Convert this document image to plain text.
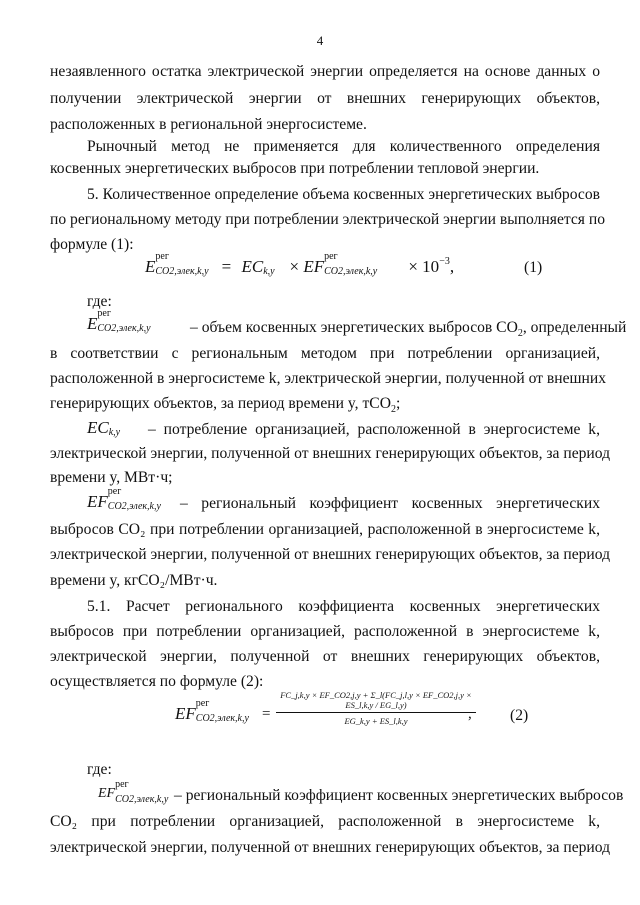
4
незаявленного остатка электрической энергии определяется на основе данных о
получении электрической энергии от внешних генерирующих объектов,
расположенных в региональной энергосистеме.
Рыночный метод не применяется для количественного определения
косвенных энергетических выбросов при потреблении тепловой энергии.
5. Количественное определение объема косвенных энергетических выбросов
по региональному методу при потреблении электрической энергии выполняется по
формуле (1):
E
рег
CO2,элек,k,y = EC k,y × EF
рег
CO2,элек,k,y × $10^{-3}$,	(1)
где:
E
рег
CO2,элек,k,y	– объем косвенных энергетических выбросов $CO_2$, определенный
в соответствии с региональным методом при потреблении организацией,
расположенной в энергосистеме k, электрической энергии, полученной от внешних
генерирующих объектов, за период времени y, тCO$_2$;
EC k,y – потребление организацией, расположенной в энергосистеме k,
электрической энергии, полученной от внешних генерирующих объектов, за период
времени y, МВт·ч;
EF
рег
CO2,элек,k,y – региональный коэффициент косвенных энергетических
выбросов CO₂ при потреблении организацией, расположенной в энергосистеме k,
электрической энергии, полученной от внешних генерирующих объектов, за период
времени y, кгCO₂/МВт·ч.
5.1. Расчет регионального коэффициента косвенных энергетических
выбросов при потреблении организацией, расположенной в энергосистеме k,
электрической энергии, полученной от внешних генерирующих объектов,
осуществляется по формуле (2):
EF
рег
CO2,элек,k,y =
FC_j,k,y × EF_CO2,j,y + Σ_l(FC_j,l,y × EF_CO2,j,y × ES_l,k,y / EG_l,y)
EG_k,y + ES_l,k,y	, (2)
где:
EF
рег
CO2,элек,k,y – региональный коэффициент косвенных энергетических выбросов
CO₂ при потреблении организацией, расположенной в энергосистеме k,
электрической энергии, полученной от внешних генерирующих объектов, за период
